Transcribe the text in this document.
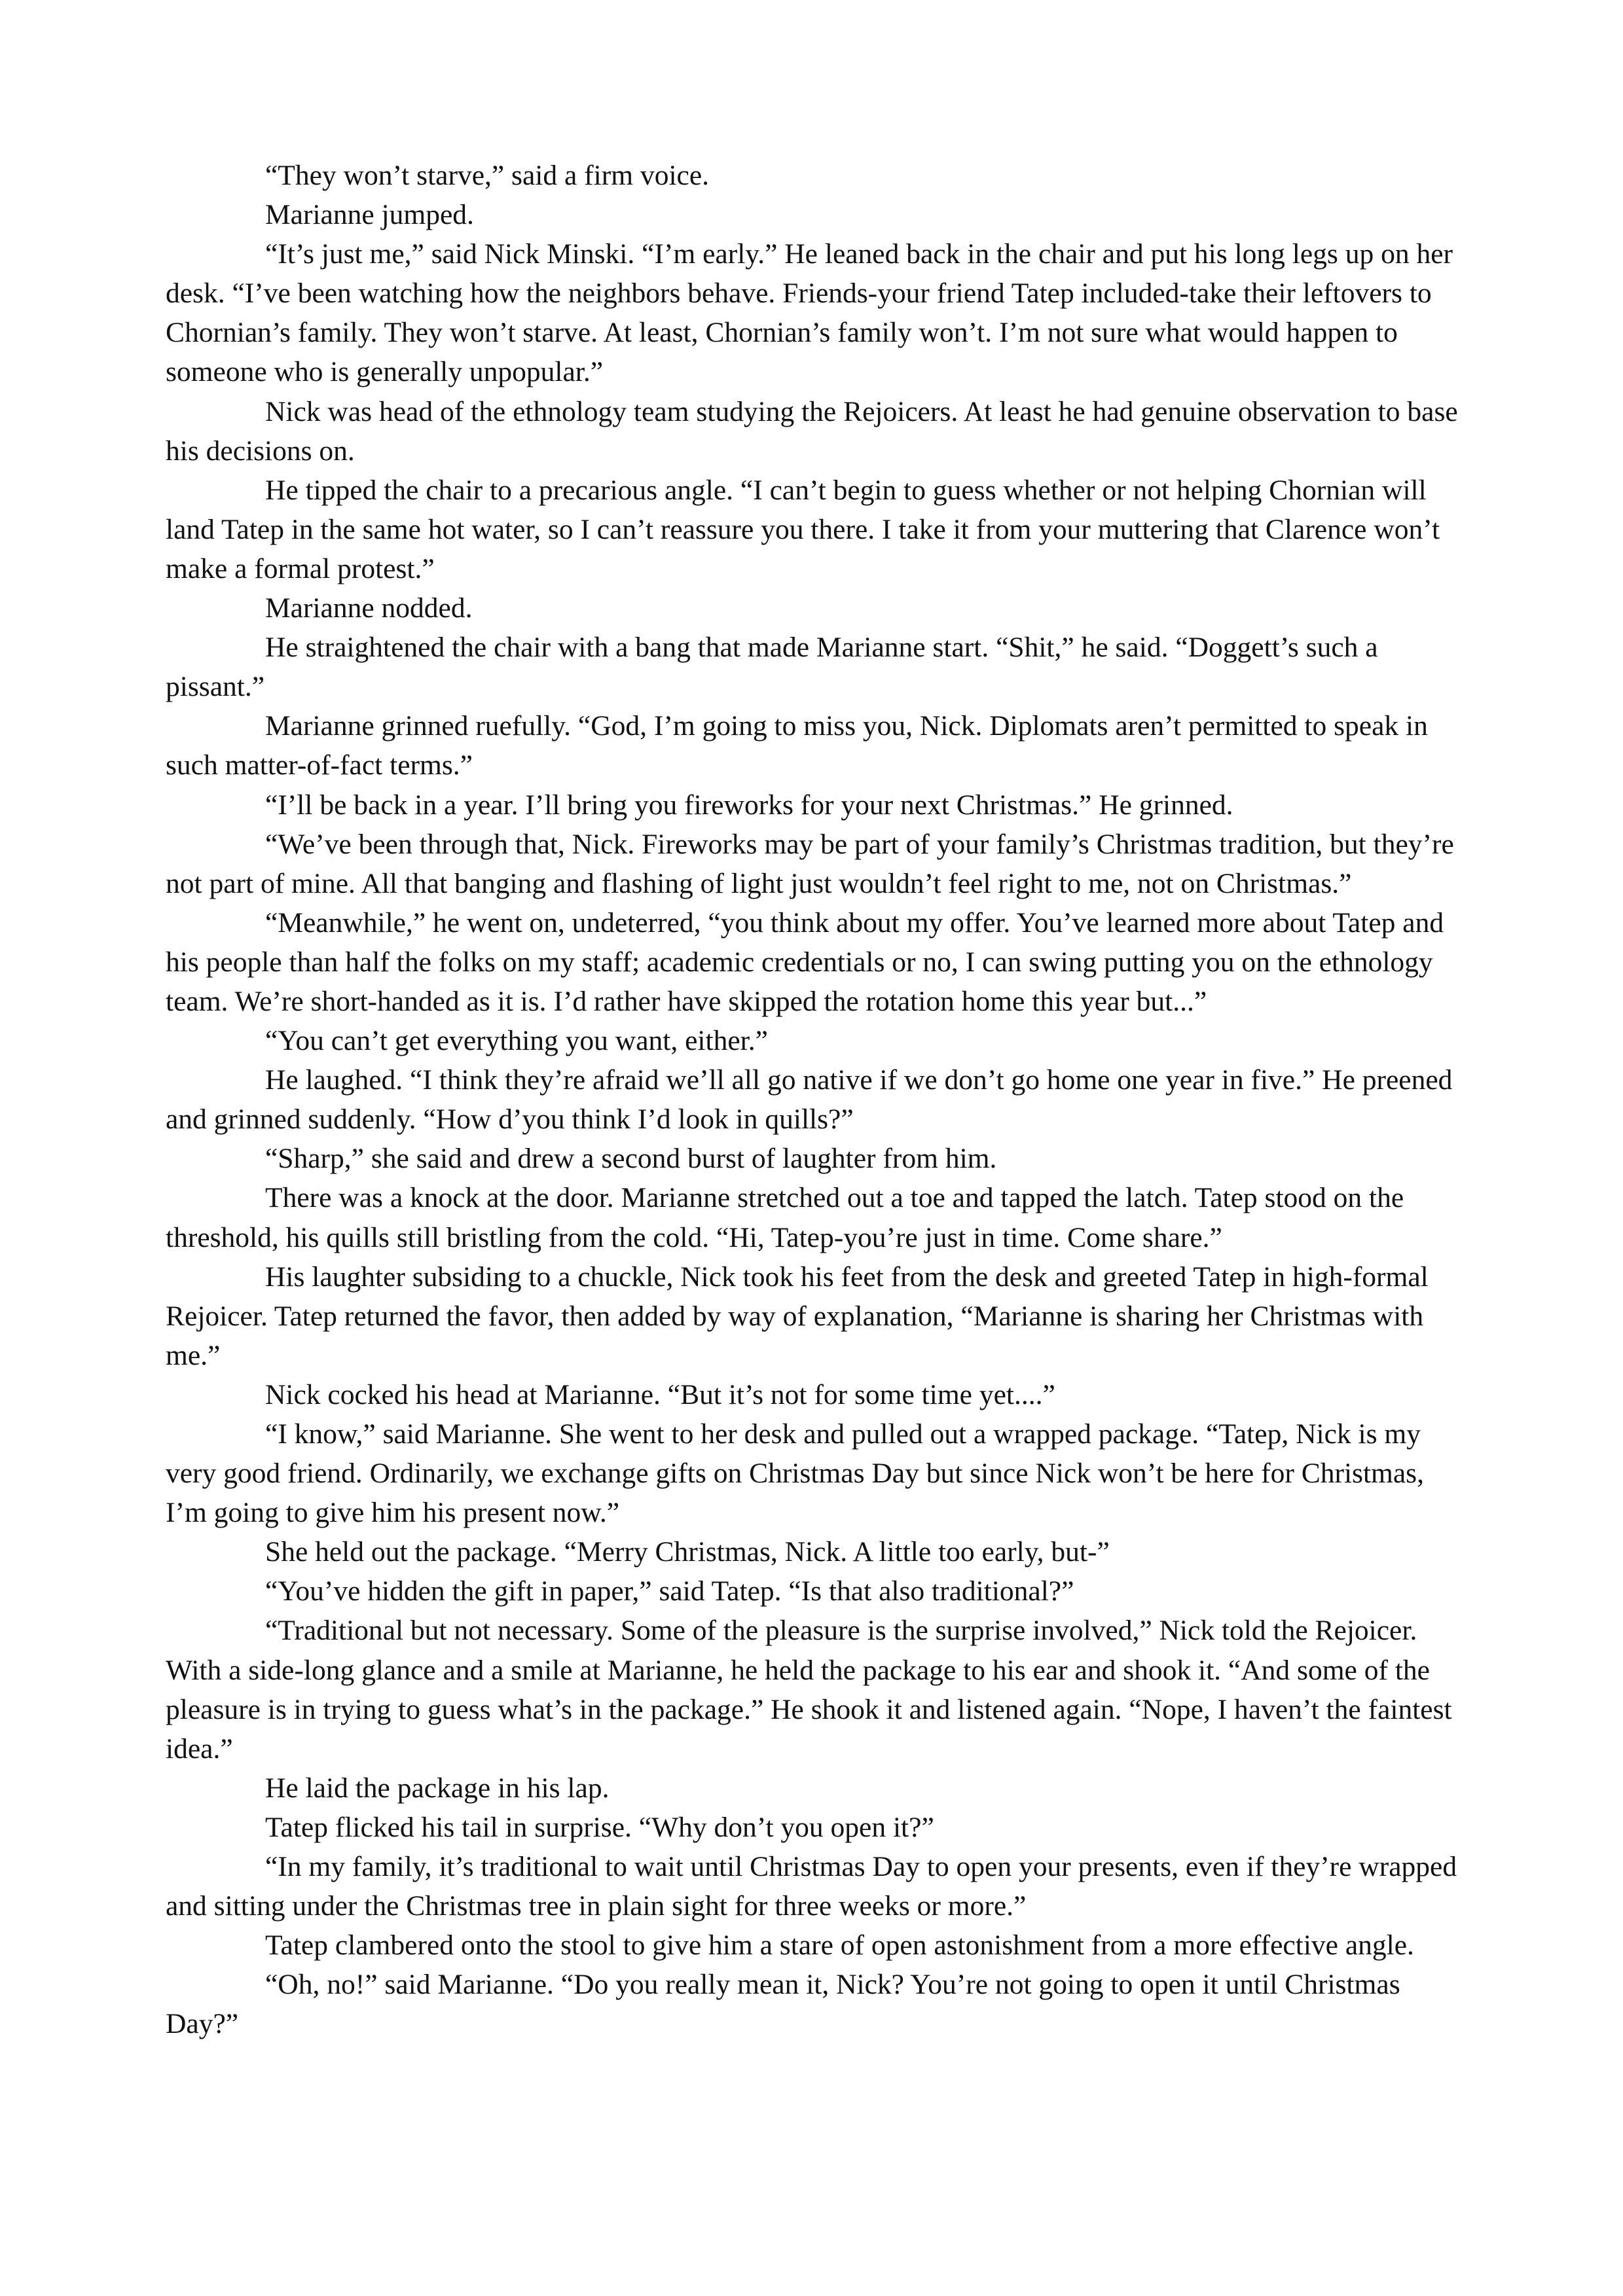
“They won’t starve,” said a firm voice.

Marianne jumped.

“It’s just me,” said Nick Minski. “I’m early.” He leaned back in the chair and put his long legs up on her desk. “I’ve been watching how the neighbors behave. Friends-your friend Tatep included-take their leftovers to Chornian’s family. They won’t starve. At least, Chornian’s family won’t. I’m not sure what would happen to someone who is generally unpopular.”

Nick was head of the ethnology team studying the Rejoicers. At least he had genuine observation to base his decisions on.

He tipped the chair to a precarious angle. “I can’t begin to guess whether or not helping Chornian will land Tatep in the same hot water, so I can’t reassure you there. I take it from your muttering that Clarence won’t make a formal protest.”

Marianne nodded.

He straightened the chair with a bang that made Marianne start. “Shit,” he said. “Doggett’s such a pissant.”

Marianne grinned ruefully. “God, I’m going to miss you, Nick. Diplomats aren’t permitted to speak in such matter-of-fact terms.”

“I’ll be back in a year. I’ll bring you fireworks for your next Christmas.” He grinned.

“We’ve been through that, Nick. Fireworks may be part of your family’s Christmas tradition, but they’re not part of mine. All that banging and flashing of light just wouldn’t feel right to me, not on Christmas.”

“Meanwhile,” he went on, undeterred, “you think about my offer. You’ve learned more about Tatep and his people than half the folks on my staff; academic credentials or no, I can swing putting you on the ethnology team. We’re short-handed as it is. I’d rather have skipped the rotation home this year but...”

“You can’t get everything you want, either.”

He laughed. “I think they’re afraid we’ll all go native if we don’t go home one year in five.” He preened and grinned suddenly. “How d’you think I’d look in quills?”

“Sharp,” she said and drew a second burst of laughter from him.

There was a knock at the door. Marianne stretched out a toe and tapped the latch. Tatep stood on the threshold, his quills still bristling from the cold. “Hi, Tatep-you’re just in time. Come share.”

His laughter subsiding to a chuckle, Nick took his feet from the desk and greeted Tatep in high-formal Rejoicer. Tatep returned the favor, then added by way of explanation, “Marianne is sharing her Christmas with me.”

Nick cocked his head at Marianne. “But it’s not for some time yet....”

“I know,” said Marianne. She went to her desk and pulled out a wrapped package. “Tatep, Nick is my very good friend. Ordinarily, we exchange gifts on Christmas Day but since Nick won’t be here for Christmas, I’m going to give him his present now.”

She held out the package. “Merry Christmas, Nick. A little too early, but-”

“You’ve hidden the gift in paper,” said Tatep. “Is that also traditional?”

“Traditional but not necessary. Some of the pleasure is the surprise involved,” Nick told the Rejoicer. With a side-long glance and a smile at Marianne, he held the package to his ear and shook it. “And some of the pleasure is in trying to guess what’s in the package.” He shook it and listened again. “Nope, I haven’t the faintest idea.”

He laid the package in his lap.

Tatep flicked his tail in surprise. “Why don’t you open it?”

“In my family, it’s traditional to wait until Christmas Day to open your presents, even if they’re wrapped and sitting under the Christmas tree in plain sight for three weeks or more.”

Tatep clambered onto the stool to give him a stare of open astonishment from a more effective angle.

“Oh, no!” said Marianne. “Do you really mean it, Nick? You’re not going to open it until Christmas Day?”
